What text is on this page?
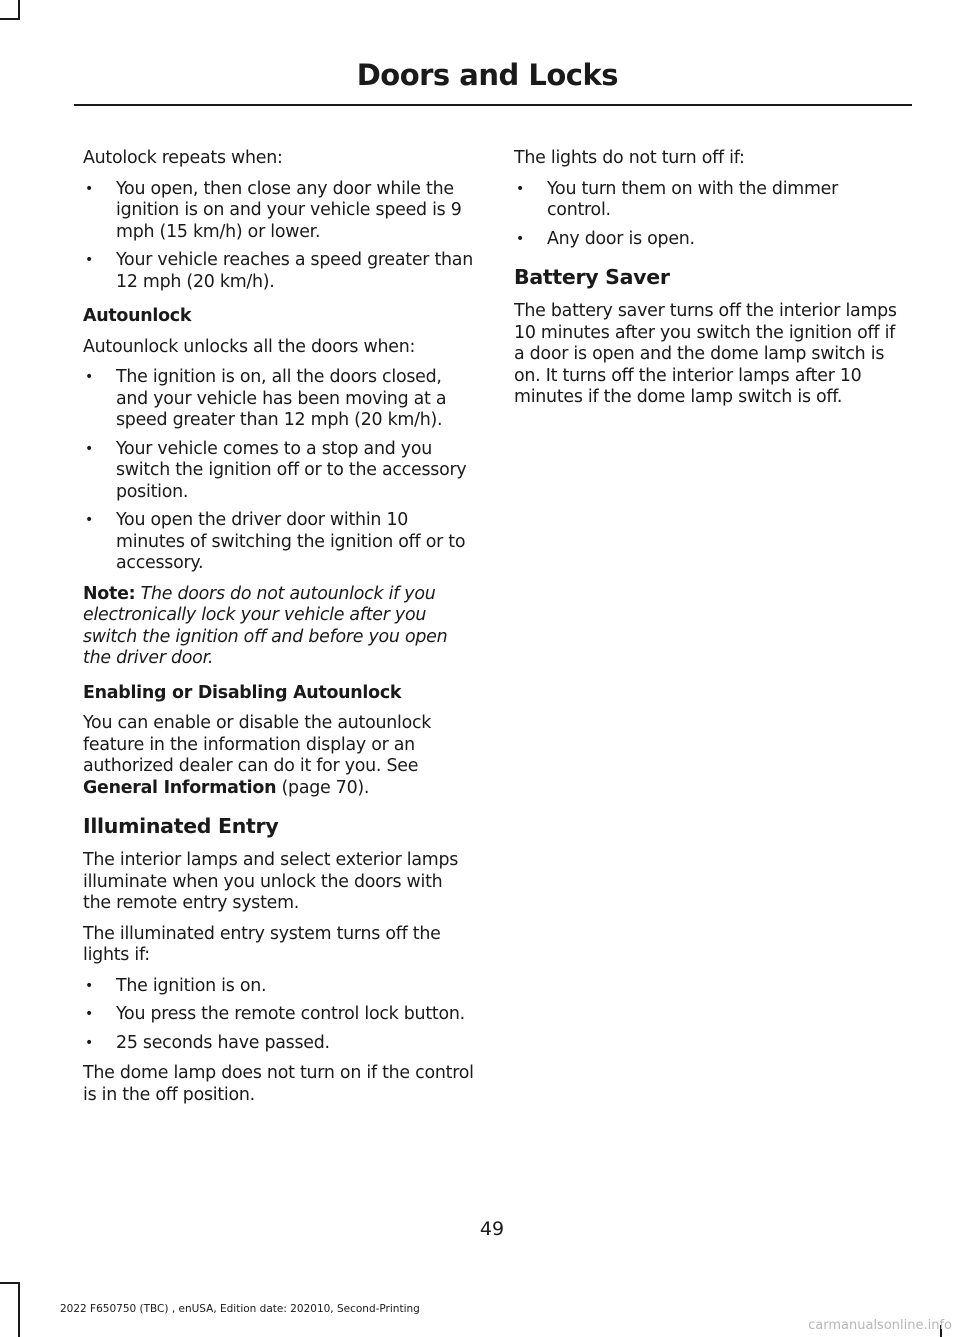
Doors and Locks

Autolock repeats when:

• You open, then close any door while the ignition is on and your vehicle speed is 9 mph (15 km/h) or lower.
• Your vehicle reaches a speed greater than 12 mph (20 km/h).

Autounlock

Autounlock unlocks all the doors when:

• The ignition is on, all the doors closed, and your vehicle has been moving at a speed greater than 12 mph (20 km/h).
• Your vehicle comes to a stop and you switch the ignition off or to the accessory position.
• You open the driver door within 10 minutes of switching the ignition off or to accessory.

Note: The doors do not autounlock if you electronically lock your vehicle after you switch the ignition off and before you open the driver door.

Enabling or Disabling Autounlock

You can enable or disable the autounlock feature in the information display or an authorized dealer can do it for you. See
General Information (page 70).

Illuminated Entry

The interior lamps and select exterior lamps illuminate when you unlock the doors with the remote entry system.

The illuminated entry system turns off the lights if:

• The ignition is on.
• You press the remote control lock button.
• 25 seconds have passed.

The dome lamp does not turn on if the control is in the off position.

The lights do not turn off if:

• You turn them on with the dimmer control.
• Any door is open.

Battery Saver

The battery saver turns off the interior lamps 10 minutes after you switch the ignition off if a door is open and the dome lamp switch is on. It turns off the interior lamps after 10 minutes if the dome lamp switch is off.

49
2022 F650750 (TBC) , enUSA, Edition date: 202010, Second-Printing
carmanualsonline.info
